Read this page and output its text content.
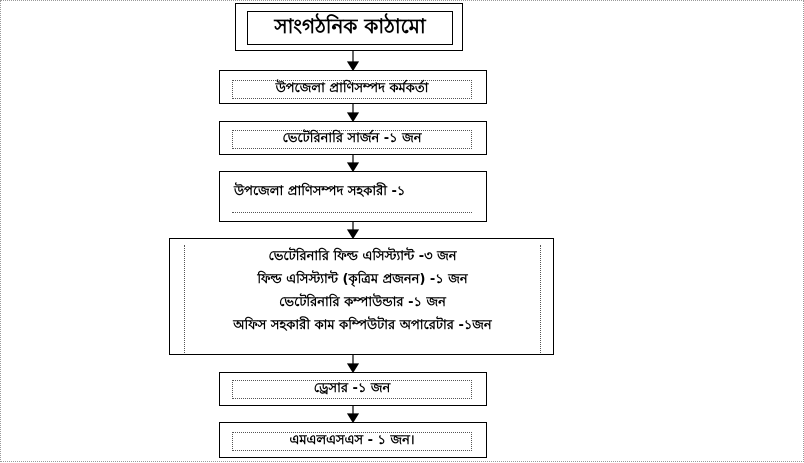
সাংগঠনিক কাঠামো
উপজেলা প্রাণিসম্পদ কর্মকর্তা
ভেটেরিনারি সার্জন -১ জন
উপজেলা প্রাণিসম্পদ সহকারী -১
ভেটেরিনারি ফিল্ড এসিস্ট্যান্ট -৩ জন
ফিল্ড এসিস্ট্যান্ট (কৃত্রিম প্রজনন) -১ জন
ভেটেরিনারি কম্পাউন্ডার -১ জন
অফিস সহকারী কাম কম্পিউটার অপারেটার -১জন
ড্রেসার -১ জন
এমএলএসএস - ১ জন।
